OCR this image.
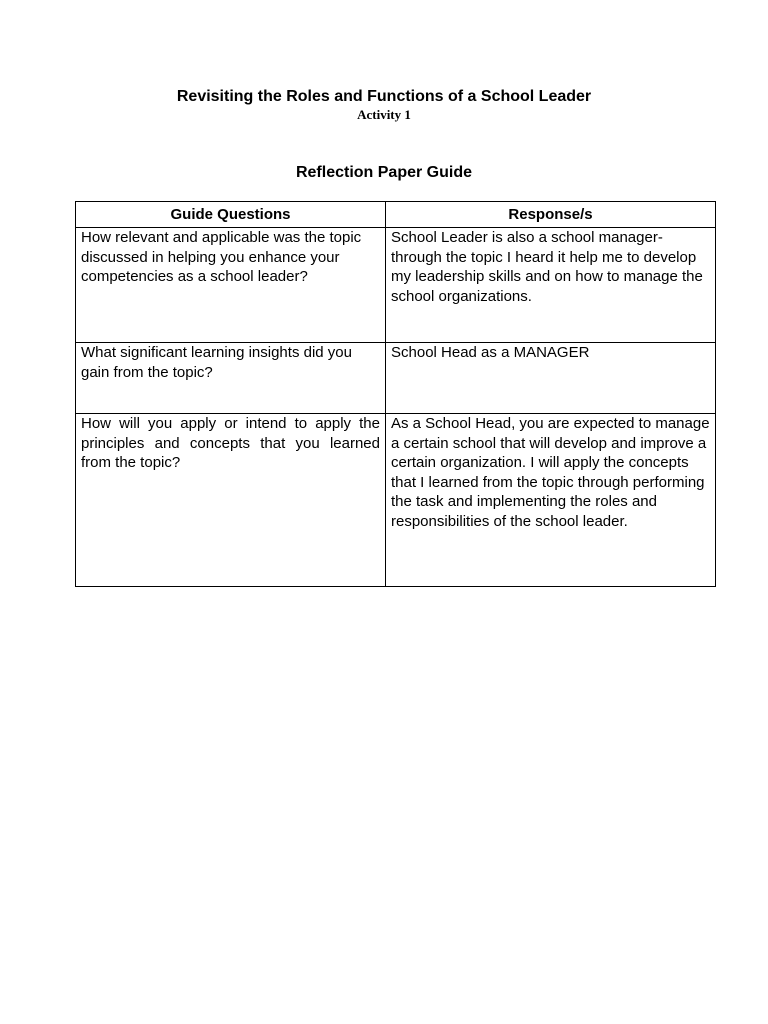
Revisiting the Roles and Functions of a School Leader
Activity 1
Reflection Paper Guide
Guide Questions	Response/s
How relevant and applicable was the topic discussed in helping you enhance your competencies as a school leader?	School Leader is also a school manager- through the topic I heard it help me to develop my leadership skills and on how to manage the school organizations.
What significant learning insights did you gain from the topic?	School Head as a MANAGER
How will you apply or intend to apply the principles and concepts that you learned from the topic?	As a School Head, you are expected to manage a certain school that will develop and improve a certain organization. I will apply the concepts that I learned from the topic through performing the task and implementing the roles and responsibilities of the school leader.
